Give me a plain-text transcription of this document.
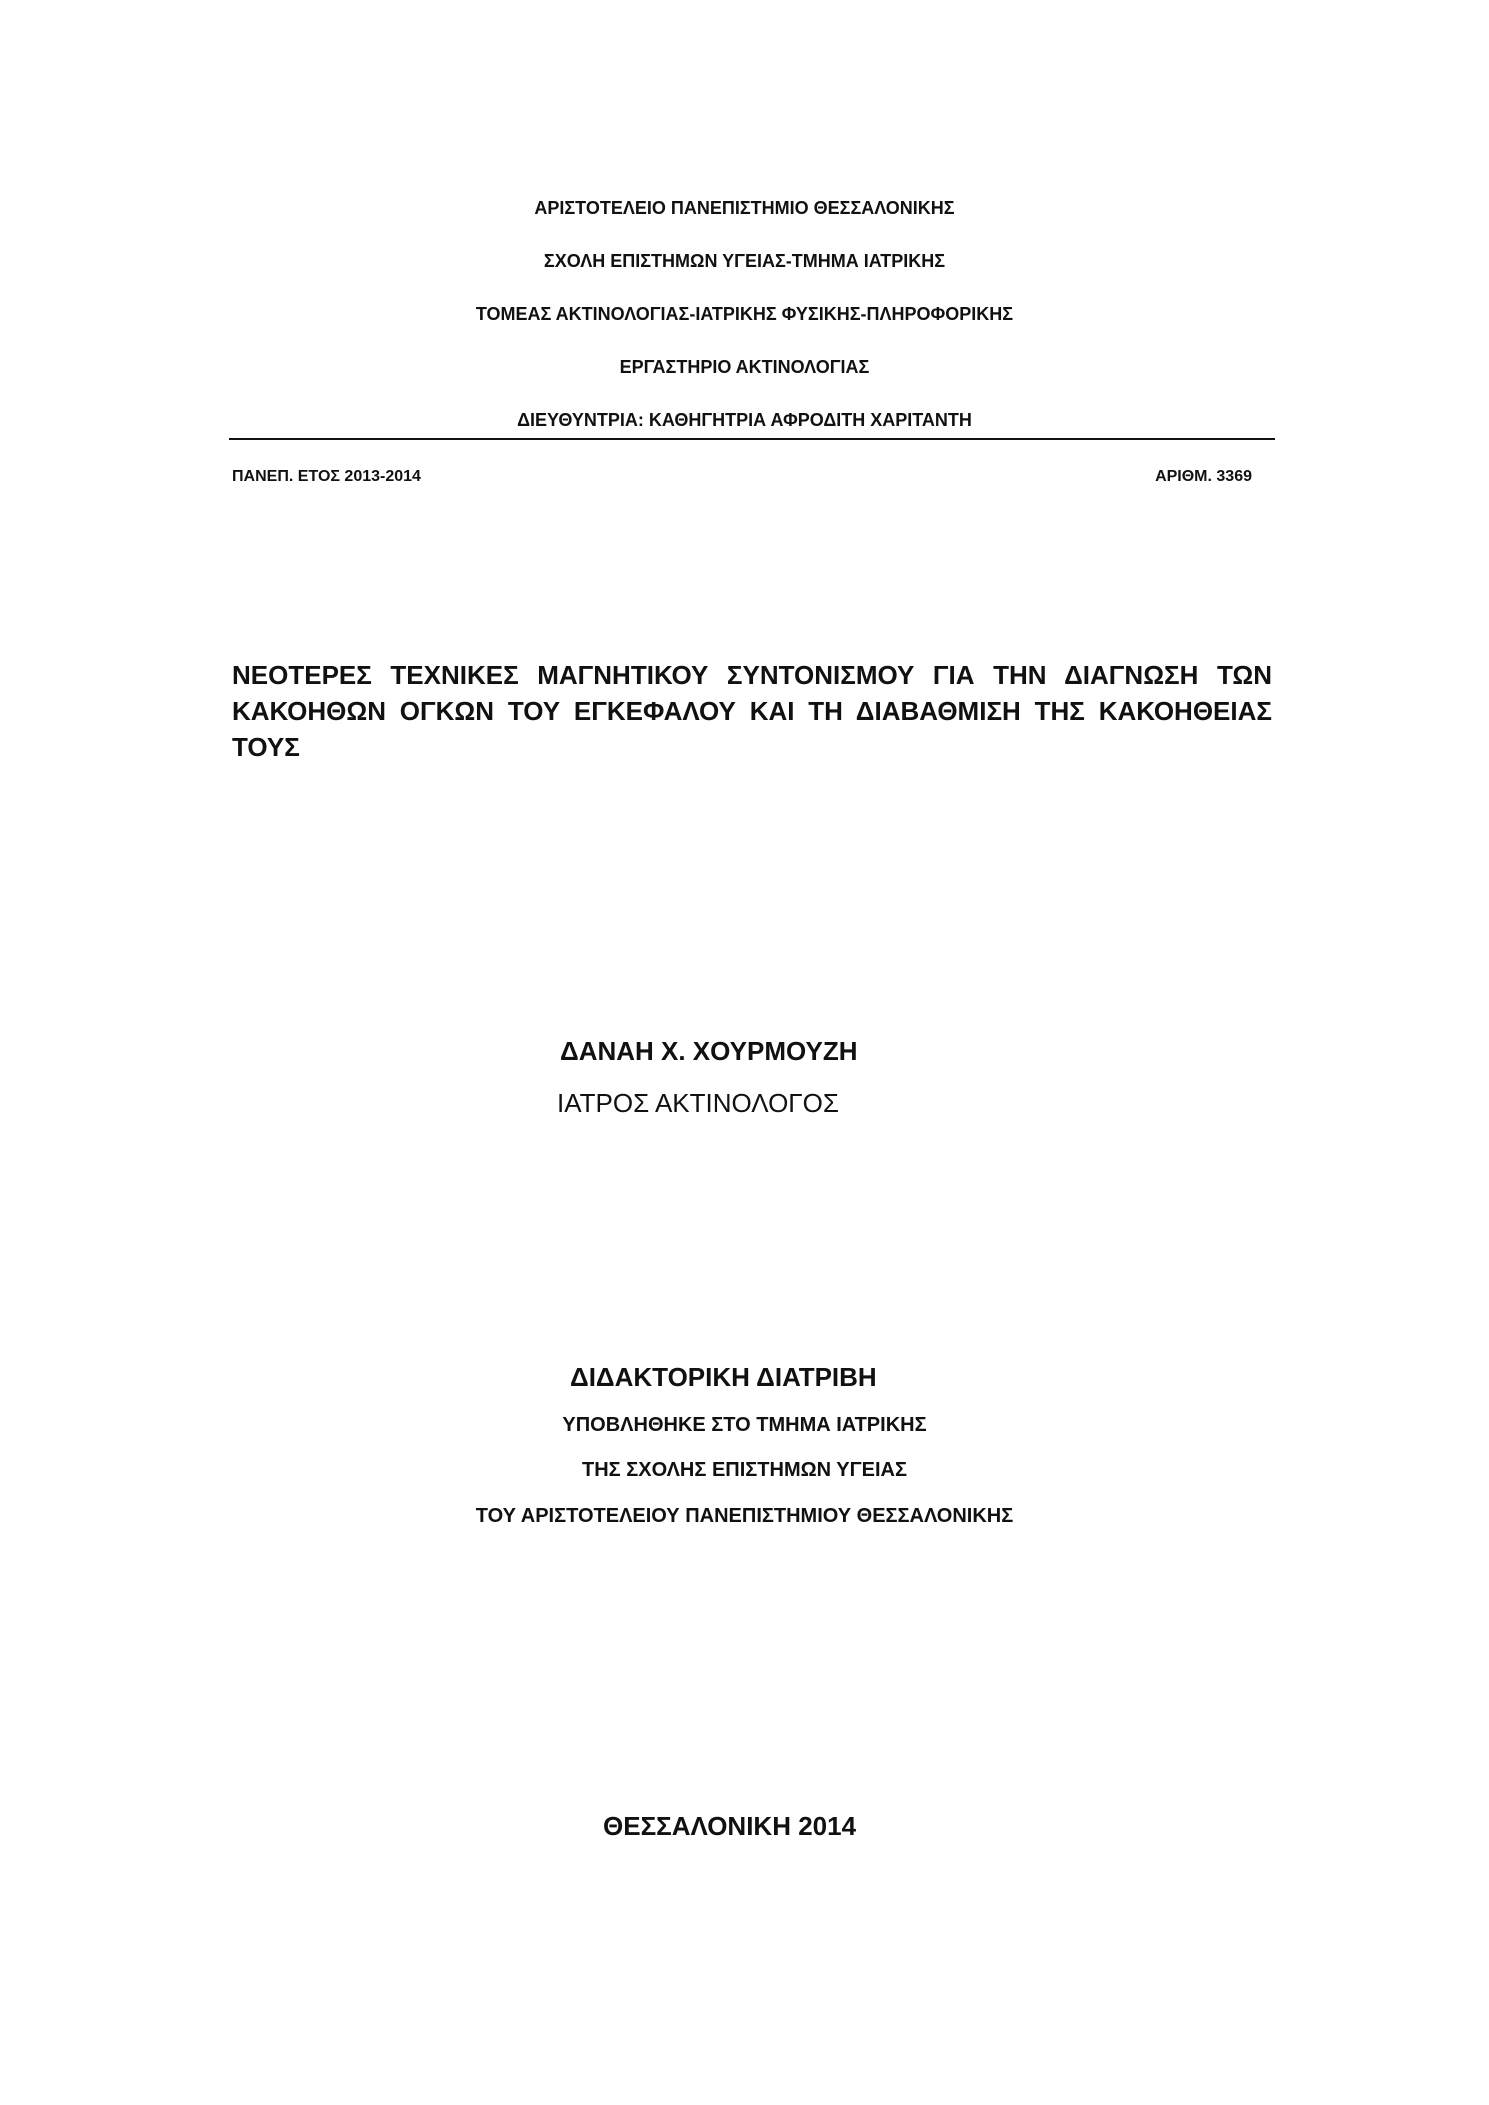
ΑΡΙΣΤΟΤΕΛΕΙΟ ΠΑΝΕΠΙΣΤΗΜΙΟ ΘΕΣΣΑΛΟΝΙΚΗΣ
ΣΧΟΛΗ ΕΠΙΣΤΗΜΩΝ ΥΓΕΙΑΣ-ΤΜΗΜΑ ΙΑΤΡΙΚΗΣ
ΤΟΜΕΑΣ ΑΚΤΙΝΟΛΟΓΙΑΣ-ΙΑΤΡΙΚΗΣ ΦΥΣΙΚΗΣ-ΠΛΗΡΟΦΟΡΙΚΗΣ
ΕΡΓΑΣΤΗΡΙΟ ΑΚΤΙΝΟΛΟΓΙΑΣ
ΔΙΕΥΘΥΝΤΡΙΑ: ΚΑΘΗΓΗΤΡΙΑ ΑΦΡΟΔΙΤΗ ΧΑΡΙΤΑΝΤΗ
ΠΑΝΕΠ. ΕΤΟΣ 2013-2014	ΑΡΙΘΜ. 3369
ΝΕΟΤΕΡΕΣ ΤΕΧΝΙΚΕΣ ΜΑΓΝΗΤΙΚΟΥ ΣΥΝΤΟΝΙΣΜΟΥ ΓΙΑ ΤΗΝ ΔΙΑΓΝΩΣΗ ΤΩΝ
ΚΑΚΟΗΘΩΝ ΟΓΚΩΝ ΤΟΥ ΕΓΚΕΦΑΛΟΥ ΚΑΙ ΤΗ ΔΙΑΒΑΘΜΙΣΗ ΤΗΣ ΚΑΚΟΗΘΕΙΑΣ ΤΟΥΣ
ΔΑΝΑΗ Χ. ΧΟΥΡΜΟΥΖΗ
ΙΑΤΡΟΣ ΑΚΤΙΝΟΛΟΓΟΣ
ΔΙΔΑΚΤΟΡΙΚΗ ΔΙΑΤΡΙΒΗ
ΥΠΟΒΛΗΘΗΚΕ ΣΤΟ ΤΜΗΜΑ ΙΑΤΡΙΚΗΣ
ΤΗΣ ΣΧΟΛΗΣ ΕΠΙΣΤΗΜΩΝ ΥΓΕΙΑΣ
ΤΟΥ ΑΡΙΣΤΟΤΕΛΕΙΟΥ ΠΑΝΕΠΙΣΤΗΜΙΟΥ ΘΕΣΣΑΛΟΝΙΚΗΣ
ΘΕΣΣΑΛΟΝΙΚΗ 2014
